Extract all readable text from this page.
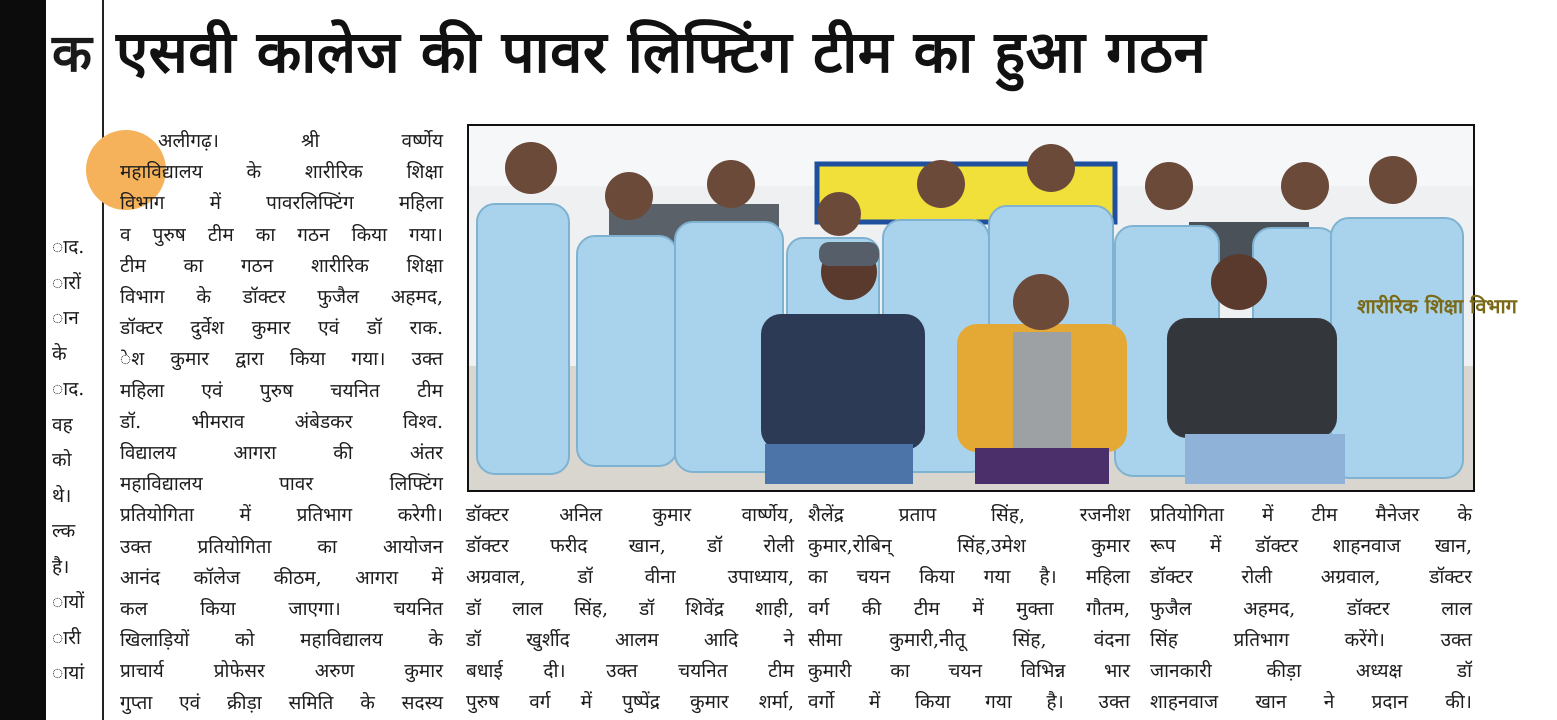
क
ाद.
ारों
ान
के
ाद.
वह
को
थे।
ल्क
है।
ायों
ारी
ायां
एसवी कालेज की पावर लिफ्टिंग टीम का हुआ गठन
अलीगढ़। श्री वर्ष्णेय
महाविद्यालय के शारीरिक शिक्षा
विभाग में पावरलिफ्टिंग महिला
व पुरुष टीम का गठन किया गया।
टीम का गठन शारीरिक शिक्षा
विभाग के डॉक्टर फुजैल अहमद,
डॉक्टर दुर्वेश कुमार एवं डॉ राक.
ेश कुमार द्वारा किया गया। उक्त
महिला एवं पुरुष चयनित टीम
डॉ. भीमराव अंबेडकर विश्व.
विद्यालय आगरा की अंतर
महाविद्यालय पावर लिफ्टिंग
प्रतियोगिता में प्रतिभाग करेगी।
उक्त प्रतियोगिता का आयोजन
आनंद कॉलेज कीठम, आगरा में
कल किया जाएगा। चयनित
खिलाड़ियों को महाविद्यालय के
प्राचार्य प्रोफेसर अरुण कुमार
गुप्ता एवं क्रीड़ा समिति के सदस्य
शारीरिक शिक्षा विभाग
डॉक्टर अनिल कुमार वार्ष्णेय,
डॉक्टर फरीद खान, डॉ रोली
अग्रवाल, डॉ वीना उपाध्याय,
डॉ लाल सिंह, डॉ शिवेंद्र शाही,
डॉ खुर्शीद आलम आदि ने
बधाई दी। उक्त चयनित टीम
पुरुष वर्ग में पुष्पेंद्र कुमार शर्मा,
शैलेंद्र प्रताप सिंह, रजनीश
कुमार,रोबिन् सिंह,उमेश कुमार
का चयन किया गया है। महिला
वर्ग की टीम में मुक्ता गौतम,
सीमा कुमारी,नीतू सिंह, वंदना
कुमारी का चयन विभिन्न भार
वर्गो में किया गया है। उक्त
प्रतियोगिता में टीम मैनेजर के
रूप में डॉक्टर शाहनवाज खान,
डॉक्टर रोली अग्रवाल, डॉक्टर
फुजैल अहमद, डॉक्टर लाल
सिंह प्रतिभाग करेंगे। उक्त
जानकारी कीड़ा अध्यक्ष डॉ
शाहनवाज खान ने प्रदान की।
